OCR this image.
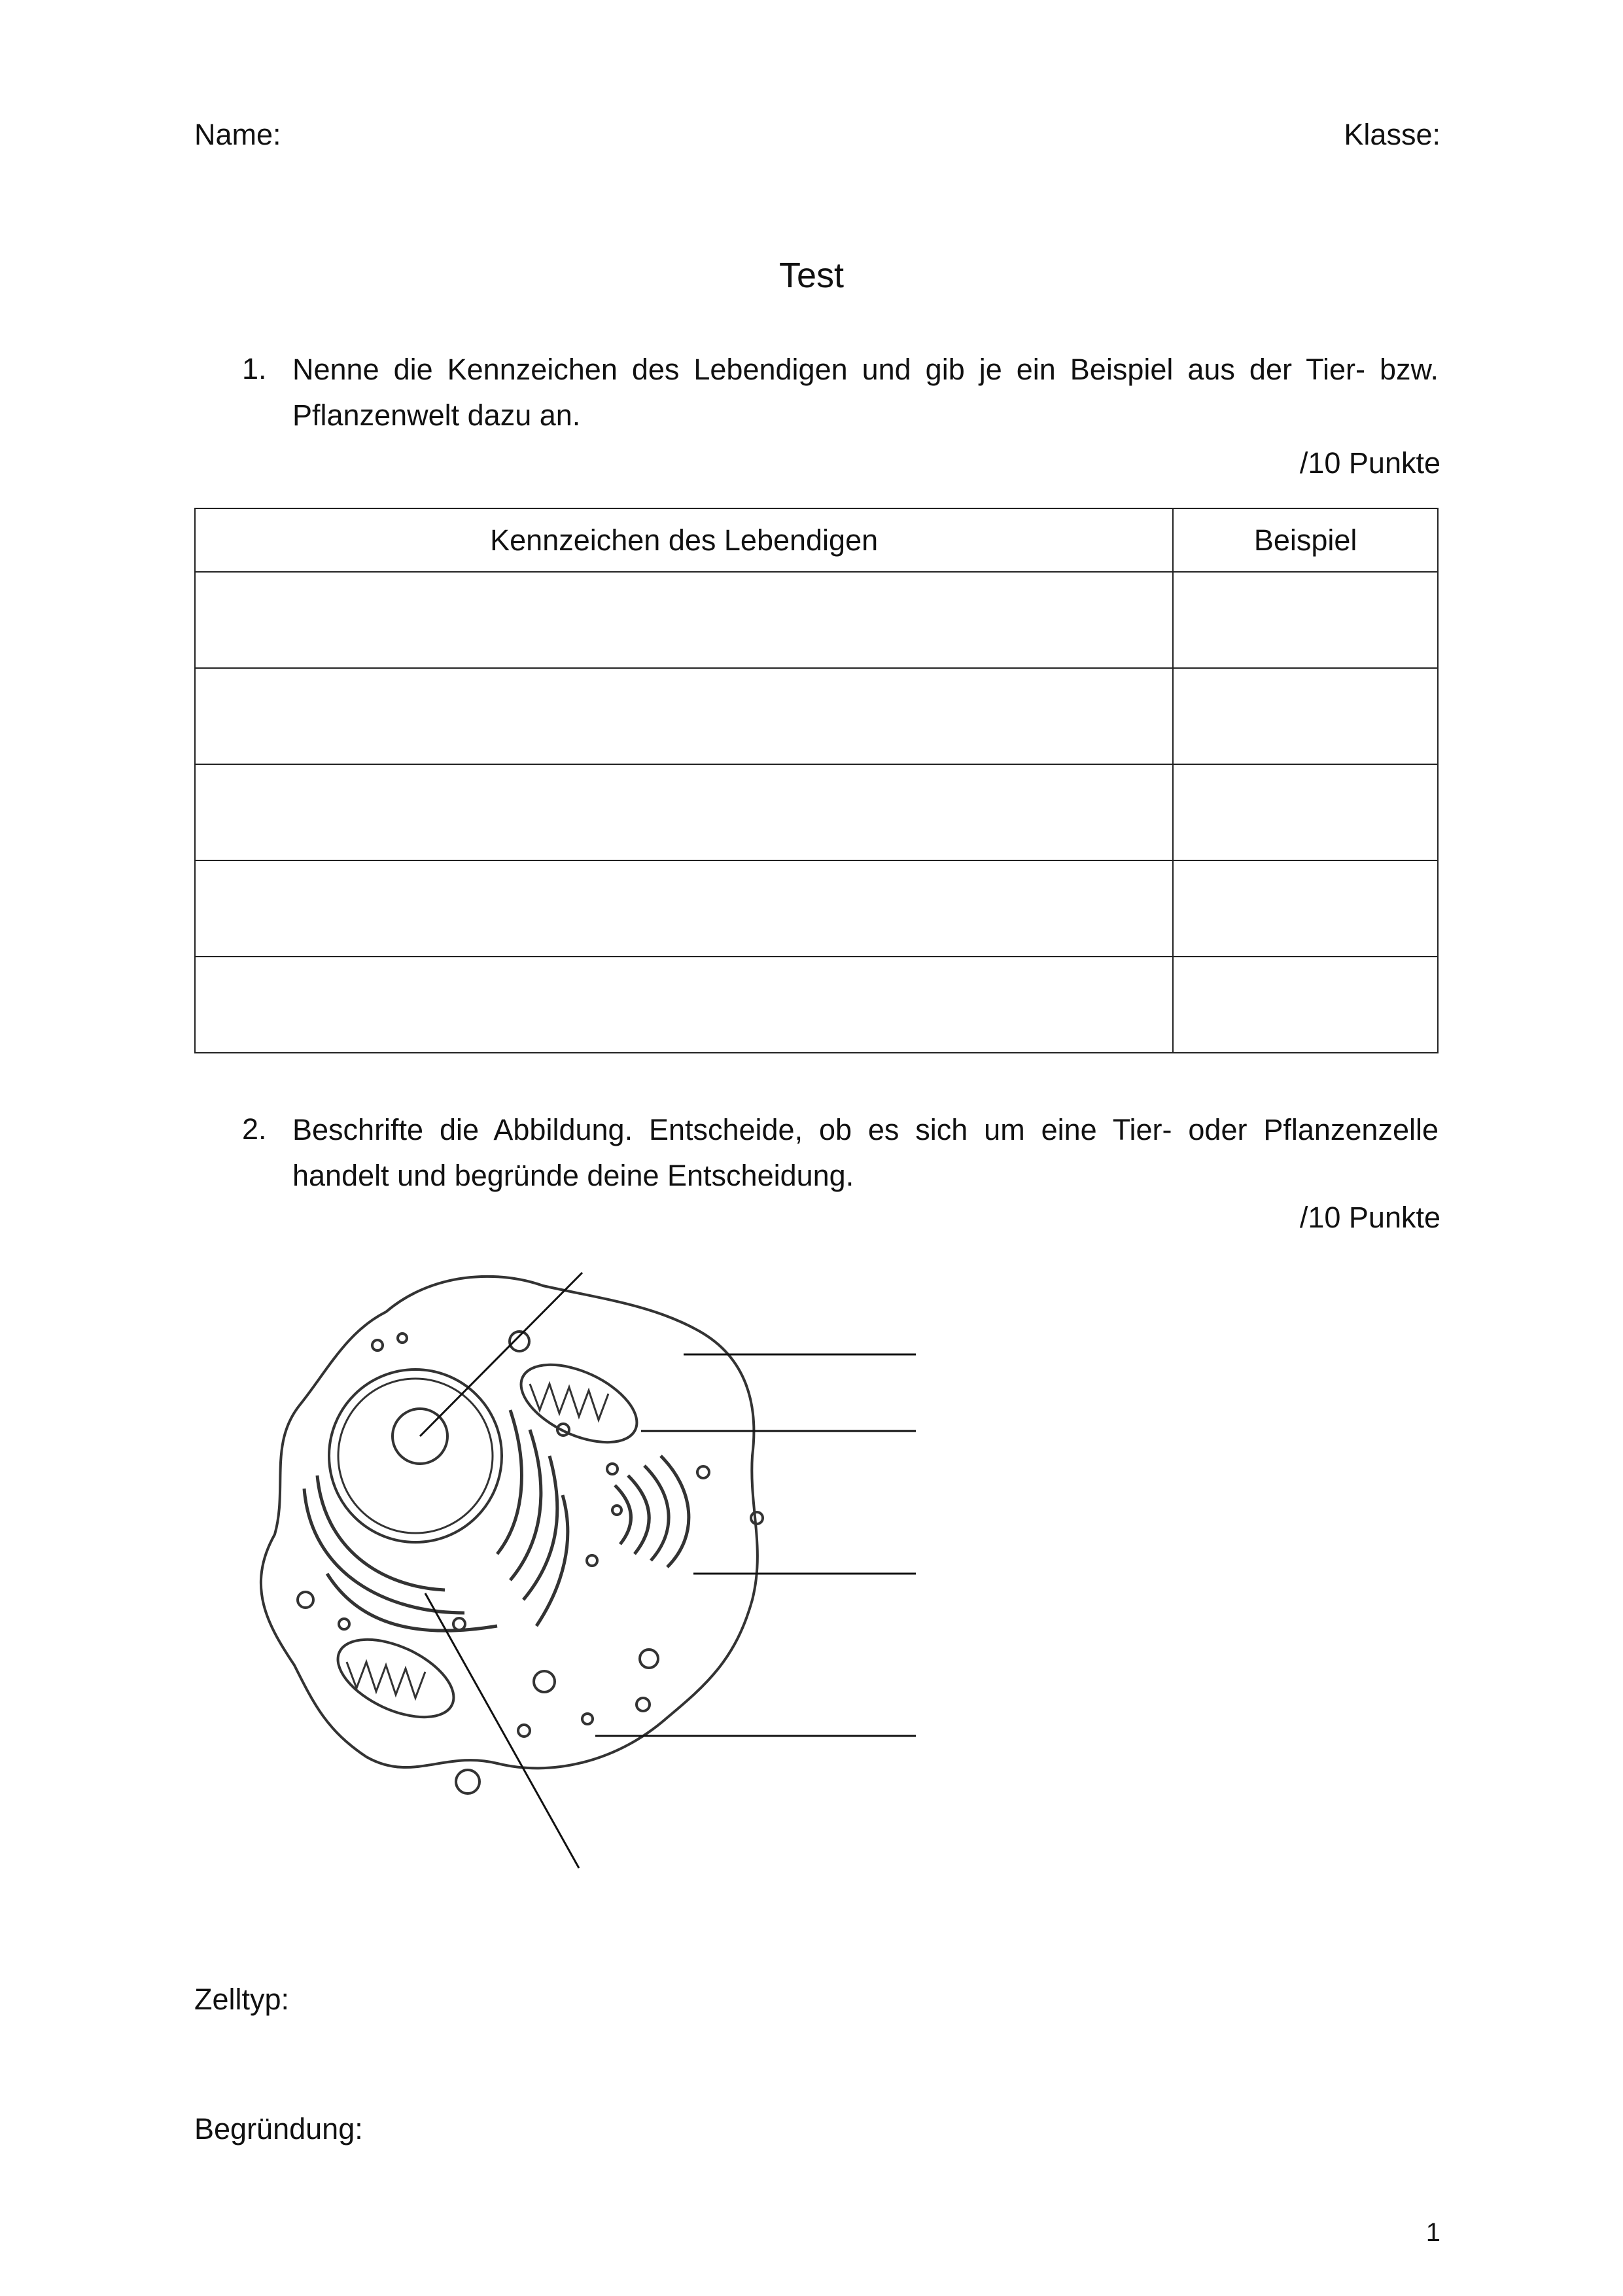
Name:	Klasse:
Test
1. Nenne die Kennzeichen des Lebendigen und gib je ein Beispiel aus der Tier- bzw. Pflanzenwelt dazu an.
/10 Punkte
Kennzeichen des Lebendigen	Beispiel

2. Beschrifte die Abbildung. Entscheide, ob es sich um eine Tier- oder Pflanzenzelle handelt und begründe deine Entscheidung.
/10 Punkte
Zelltyp:
Begründung:
1
